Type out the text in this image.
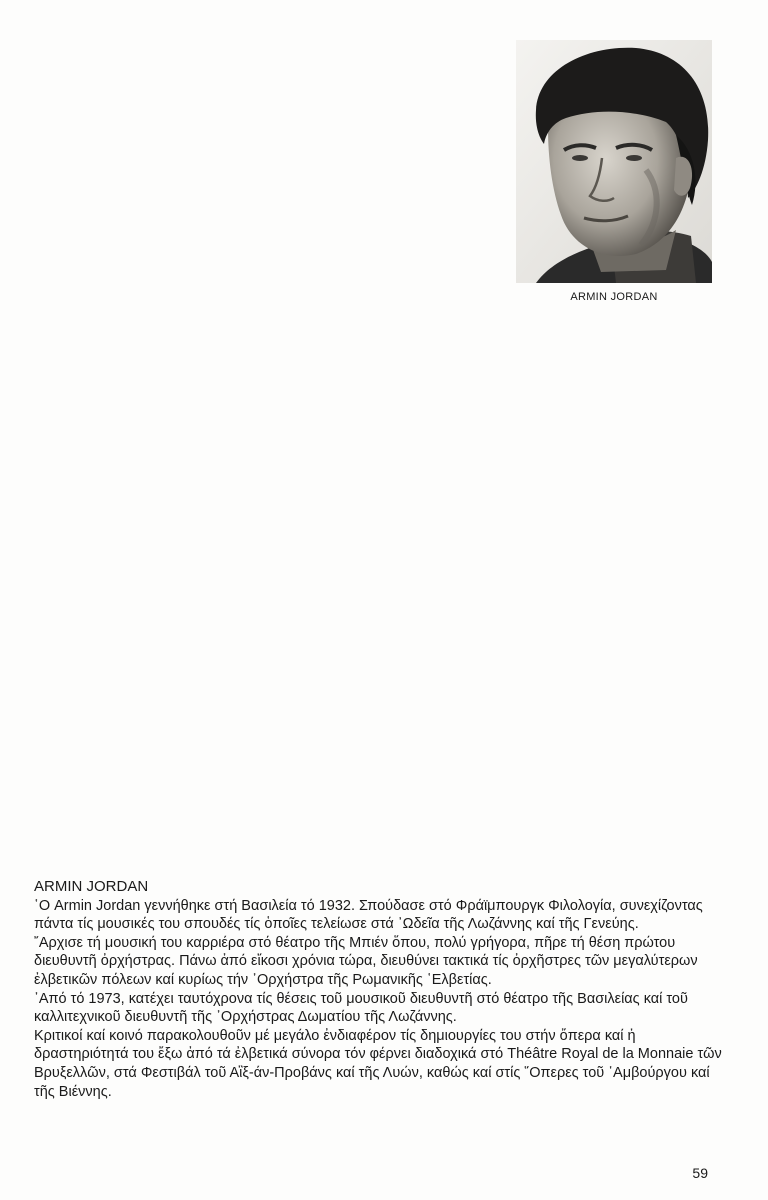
ARMIN JORDAN

ARMIN JORDAN

῾Ο Armin Jordan γεννήθηκε στή Βασιλεία τό 1932. Σπούδασε στό Φράϊμπουργκ Φιλολογία, συνεχίζοντας πάντα τίς μουσικές του σπουδές τίς ὁποῖες τελείωσε στά ᾿Ωδεῖα τῆς Λωζάννης καί τῆς Γενεύης.

῎Αρχισε τή μουσική του καρριέρα στό θέατρο τῆς Μπιέν ὅπου, πολύ γρήγορα, πῆρε τή θέση πρώτου διευθυντῆ ὀρχήστρας. Πάνω ἀπό εἴκοσι χρόνια τώρα, διευθύνει τακτικά τίς ὀρχῆστρες τῶν μεγαλύτερων ἐλβετικῶν πόλεων καί κυρίως τήν ᾿Ορχήστρα τῆς Ρωμανικῆς ῾Ελβετίας.

᾿Από τό 1973, κατέχει ταυτόχρονα τίς θέσεις τοῦ μουσικοῦ διευθυντῆ στό θέατρο τῆς Βασιλείας καί τοῦ καλλιτεχνικοῦ διευθυντῆ τῆς ᾿Ορχήστρας Δωματίου τῆς Λωζάννης.

Κριτικοί καί κοινό παρακολουθοῦν μέ μεγάλο ἐνδιαφέρον τίς δημιουργίες του στήν ὄπερα καί ἡ δραστηριότητά του ἔξω ἀπό τά ἐλβετικά σύνορα τόν φέρνει διαδοχικά στό Théâtre Royal de la Monnaie τῶν Βρυξελλῶν, στά Φεστιβάλ τοῦ Αἲξ-άν-Προβάνς καί τῆς Λυών, καθώς καί στίς ῞Οπερες τοῦ ῾Αμβούργου καί τῆς Βιέννης.

59
